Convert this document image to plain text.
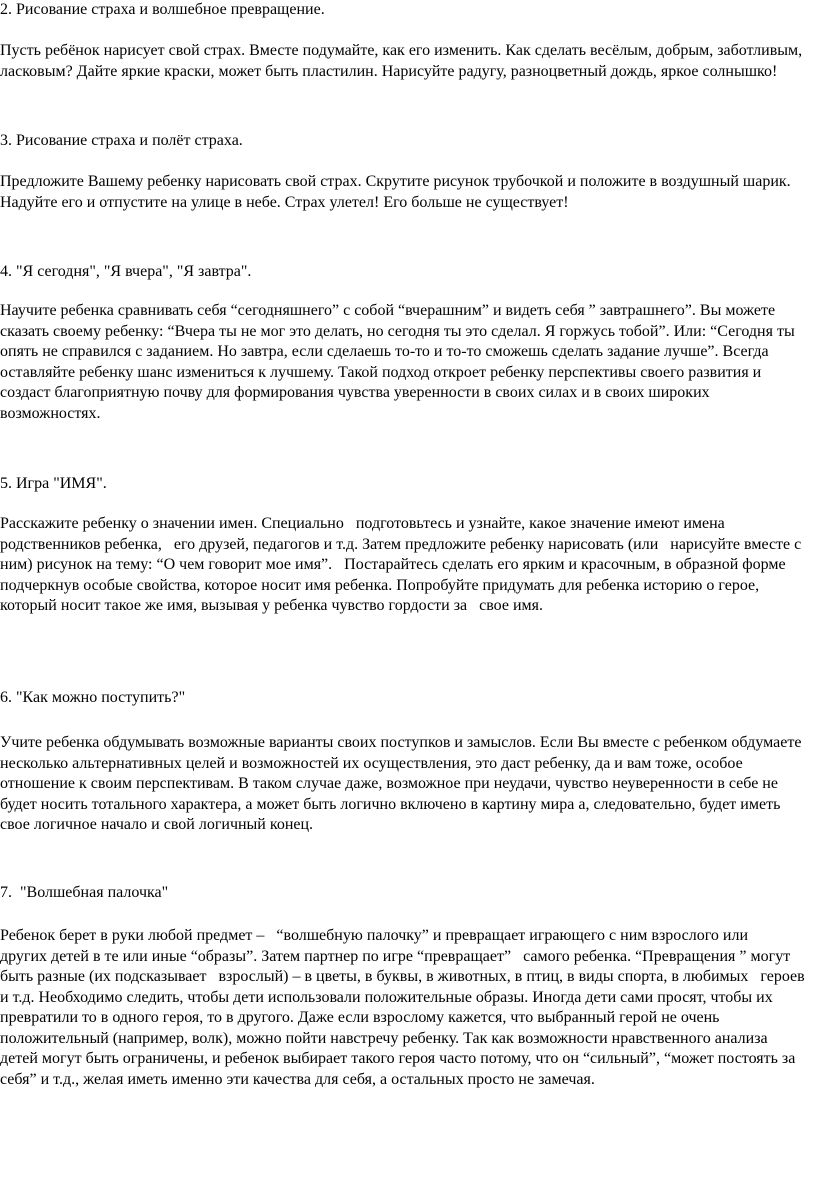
2. Рисование страха и волшебное превращение.

Пусть ребёнок нарисует свой страх. Вместе подумайте, как его изменить. Как сделать весёлым, добрым, заботливым, ласковым? Дайте яркие краски, может быть пластилин. Нарисуйте радугу, разноцветный дождь, яркое солнышко!

3. Рисование страха и полёт страха.

Предложите Вашему ребенку нарисовать свой страх. Скрутите рисунок трубочкой и положите в воздушный шарик. Надуйте его и отпустите на улице в небе. Страх улетел! Его больше не существует!

4. "Я сегодня", "Я вчера", "Я завтра".

Научите ребенка сравнивать себя “сегодняшнего” с собой “вчерашним” и видеть себя ” завтрашнего”. Вы можете сказать своему ребенку: “Вчера ты не мог это делать, но сегодня ты это сделал. Я горжусь тобой”. Или: “Сегодня ты опять не справился с заданием. Но завтра, если сделаешь то-то и то-то сможешь сделать задание лучше”. Всегда оставляйте ребенку шанс измениться к лучшему. Такой подход откроет ребенку перспективы своего развития и создаст благоприятную почву для формирования чувства уверенности в своих силах и в своих широких возможностях.

5. Игра "ИМЯ".

Расскажите ребенку о значении имен. Специально   подготовьтесь и узнайте, какое значение имеют имена родственников ребенка,   его друзей, педагогов и т.д. Затем предложите ребенку нарисовать (или   нарисуйте вместе с ним) рисунок на тему: “О чем говорит мое имя”.   Постарайтесь сделать его ярким и красочным, в образной форме подчеркнув особые свойства, которое носит имя ребенка. Попробуйте придумать для ребенка историю о герое, который носит такое же имя, вызывая у ребенка чувство гордости за   свое имя.

6. "Как можно поступить?"

Учите ребенка обдумывать возможные варианты своих поступков и замыслов. Если Вы вместе с ребенком обдумаете несколько альтернативных целей и возможностей их осуществления, это даст ребенку, да и вам тоже, особое  отношение к своим перспективам. В таком случае даже, возможное при неудачи, чувство неуверенности в себе не будет носить тотального характера, а может быть логично включено в картину мира а, следовательно, будет иметь свое логичное начало и свой логичный конец.

7.  "Волшебная палочка"

Ребенок берет в руки любой предмет –   “волшебную палочку” и превращает играющего с ним взрослого или   других детей в те или иные “образы”. Затем партнер по игре “превращает”   самого ребенка. “Превращения ” могут быть разные (их подсказывает   взрослый) – в цветы, в буквы, в животных, в птиц, в виды спорта, в любимых   героев и т.д. Необходимо следить, чтобы дети использовали положительные образы. Иногда дети сами просят, чтобы их превратили то в одного героя, то в другого. Даже если взрослому кажется, что выбранный герой не очень положительный (например, волк), можно пойти навстречу ребенку. Так как возможности нравственного анализа детей могут быть ограничены, и ребенок выбирает такого героя часто потому, что он “сильный”, “может постоять за себя” и т.д., желая иметь именно эти качества для себя, а остальных просто не замечая.
